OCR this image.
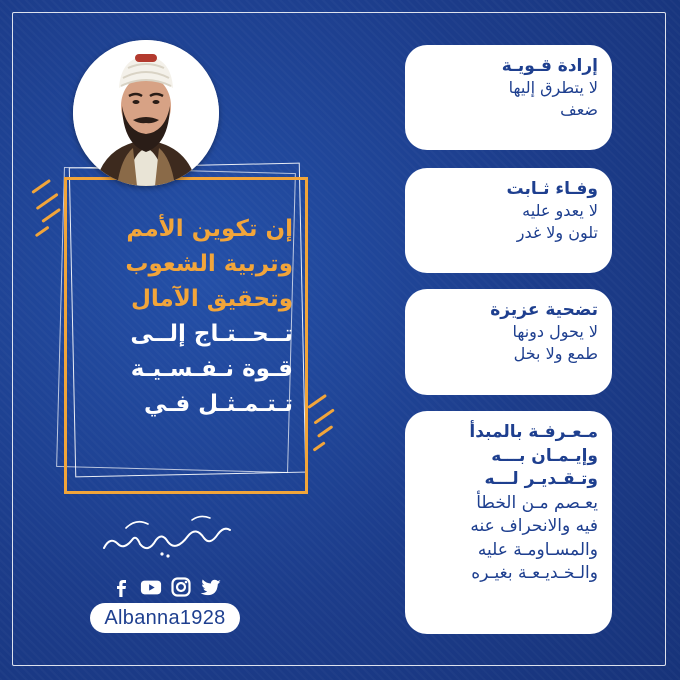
إرادة قـويـة
لا يتطرق إليها
ضعف
وفـاء ثـابت
لا يعدو عليه
تلون ولا غدر
تضحية عزيزة
لا يحول دونها
طمع ولا بخل
مـعـرفـة بالمبدأ
وإيـمـان بـــه
وتـقـديـر لـــه
يعـصم مـن الخطأ
فيه والانحراف عنه
والمسـاومـة عليه
والـخـديـعـة بغيـره
إن تكوين الأمم
وتربية الشعوب
وتحقيق الآمال
تــحــتـاج إلــى
قـوة نـفـسـيـة
تـتـمـثـل فـي
Albanna1928
